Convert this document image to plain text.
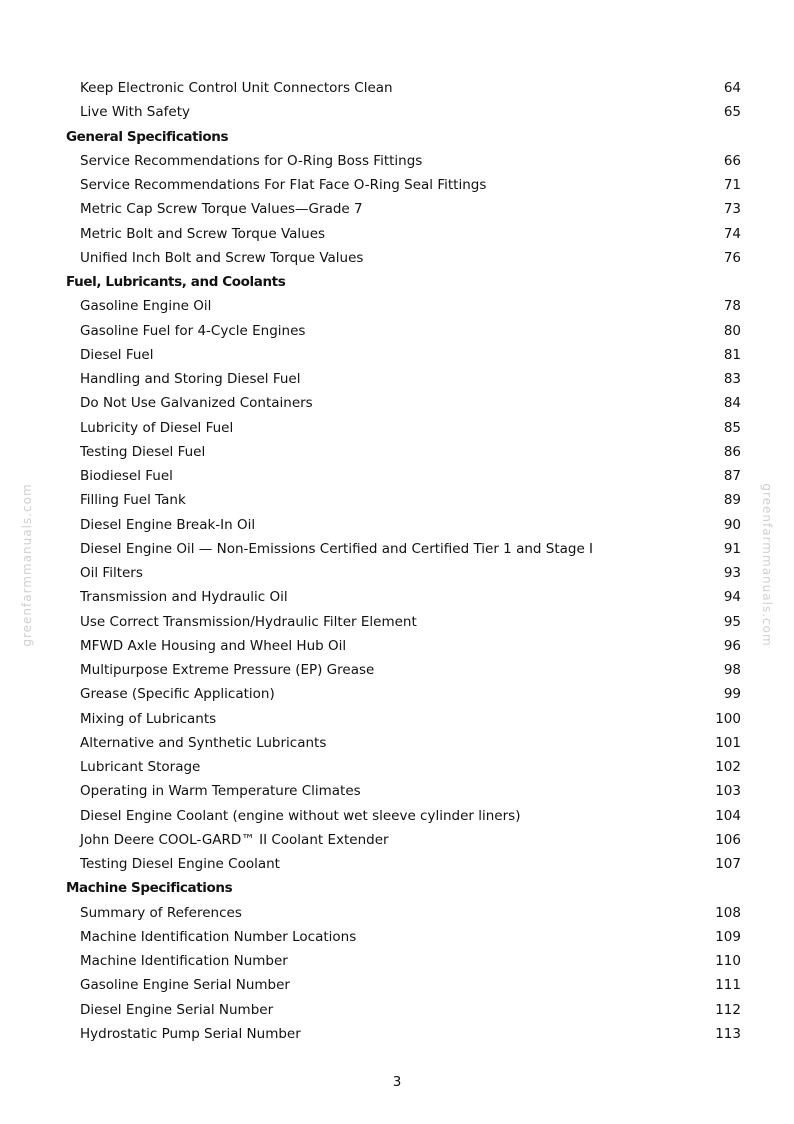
greenfarmmanuals.com	greenfarmmanuals.com
Keep Electronic Control Unit Connectors Clean	64
Live With Safety	65
General Specifications
Service Recommendations for O-Ring Boss Fittings	66
Service Recommendations For Flat Face O-Ring Seal Fittings	71
Metric Cap Screw Torque Values—Grade 7	73
Metric Bolt and Screw Torque Values	74
Unified Inch Bolt and Screw Torque Values	76
Fuel, Lubricants, and Coolants
Gasoline Engine Oil	78
Gasoline Fuel for 4-Cycle Engines	80
Diesel Fuel	81
Handling and Storing Diesel Fuel	83
Do Not Use Galvanized Containers	84
Lubricity of Diesel Fuel	85
Testing Diesel Fuel	86
Biodiesel Fuel	87
Filling Fuel Tank	89
Diesel Engine Break-In Oil	90
Diesel Engine Oil — Non-Emissions Certified and Certified Tier 1 and Stage I	91
Oil Filters	93
Transmission and Hydraulic Oil	94
Use Correct Transmission/Hydraulic Filter Element	95
MFWD Axle Housing and Wheel Hub Oil	96
Multipurpose Extreme Pressure (EP) Grease	98
Grease (Specific Application)	99
Mixing of Lubricants	100
Alternative and Synthetic Lubricants	101
Lubricant Storage	102
Operating in Warm Temperature Climates	103
Diesel Engine Coolant (engine without wet sleeve cylinder liners)	104
John Deere COOL-GARD™ II Coolant Extender	106
Testing Diesel Engine Coolant	107
Machine Specifications
Summary of References	108
Machine Identification Number Locations	109
Machine Identification Number	110
Gasoline Engine Serial Number	111
Diesel Engine Serial Number	112
Hydrostatic Pump Serial Number	113
3
